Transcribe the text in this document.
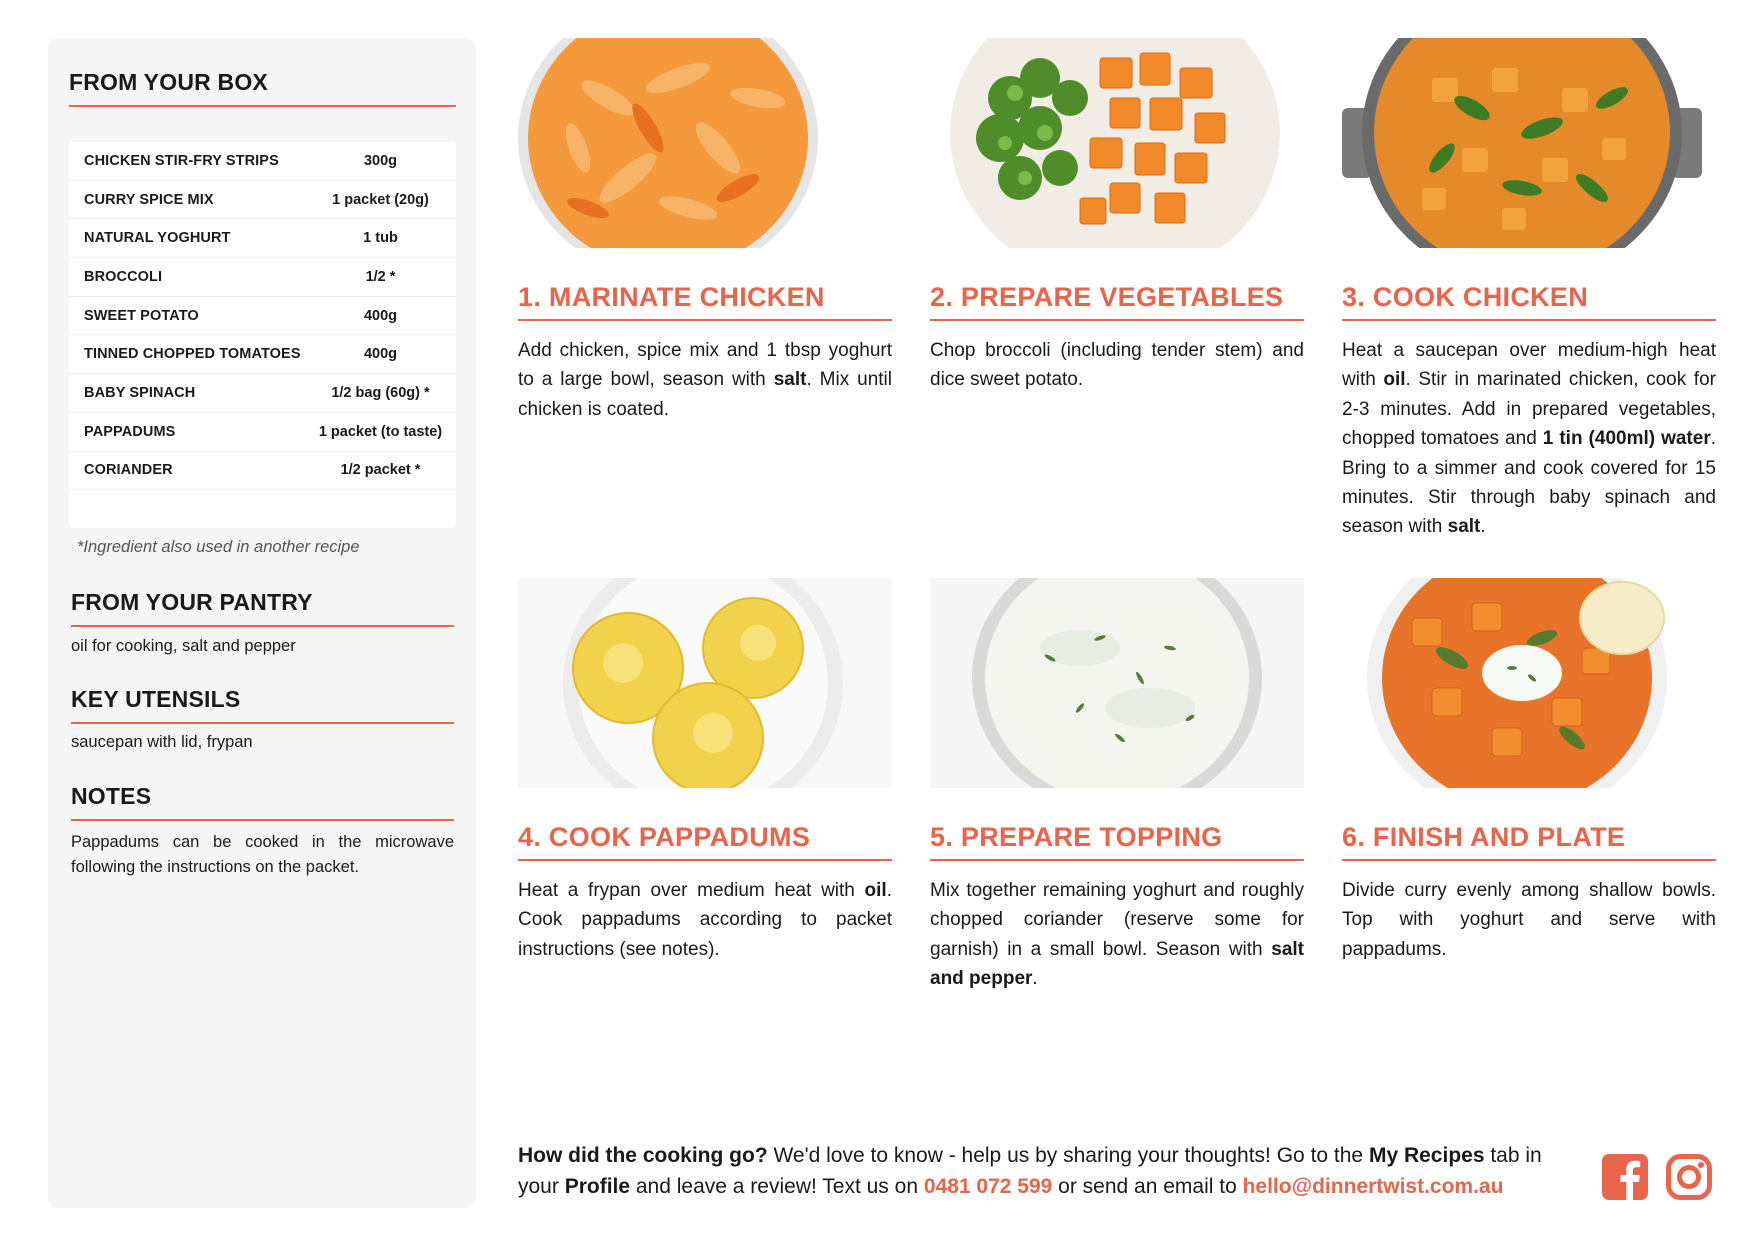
FROM YOUR BOX
CHICKEN STIR-FRY STRIPS	300g
CURRY SPICE MIX	1 packet (20g)
NATURAL YOGHURT	1 tub
BROCCOLI	1/2 *
SWEET POTATO	400g
TINNED CHOPPED TOMATOES	400g
BABY SPINACH	1/2 bag (60g) *
PAPPADUMS	1 packet (to taste)
CORIANDER	1/2 packet *
*Ingredient also used in another recipe
FROM YOUR PANTRY
oil for cooking, salt and pepper
KEY UTENSILS
saucepan with lid, frypan
NOTES
Pappadums can be cooked in the microwave following the instructions on the packet.
1. MARINATE CHICKEN
Add chicken, spice mix and 1 tbsp yoghurt to a large bowl, season with salt. Mix until chicken is coated.
2. PREPARE VEGETABLES
Chop broccoli (including tender stem) and dice sweet potato.
3. COOK CHICKEN
Heat a saucepan over medium-high heat with oil. Stir in marinated chicken, cook for 2-3 minutes. Add in prepared vegetables, chopped tomatoes and 1 tin (400ml) water. Bring to a simmer and cook covered for 15 minutes. Stir through baby spinach and season with salt.
4. COOK PAPPADUMS
Heat a frypan over medium heat with oil. Cook pappadums according to packet instructions (see notes).
5. PREPARE TOPPING
Mix together remaining yoghurt and roughly chopped coriander (reserve some for garnish) in a small bowl. Season with salt and pepper.
6. FINISH AND PLATE
Divide curry evenly among shallow bowls. Top with yoghurt and serve with pappadums.
How did the cooking go? We'd love to know - help us by sharing your thoughts! Go to the My Recipes tab in your Profile and leave a review! Text us on 0481 072 599 or send an email to hello@dinnertwist.com.au
